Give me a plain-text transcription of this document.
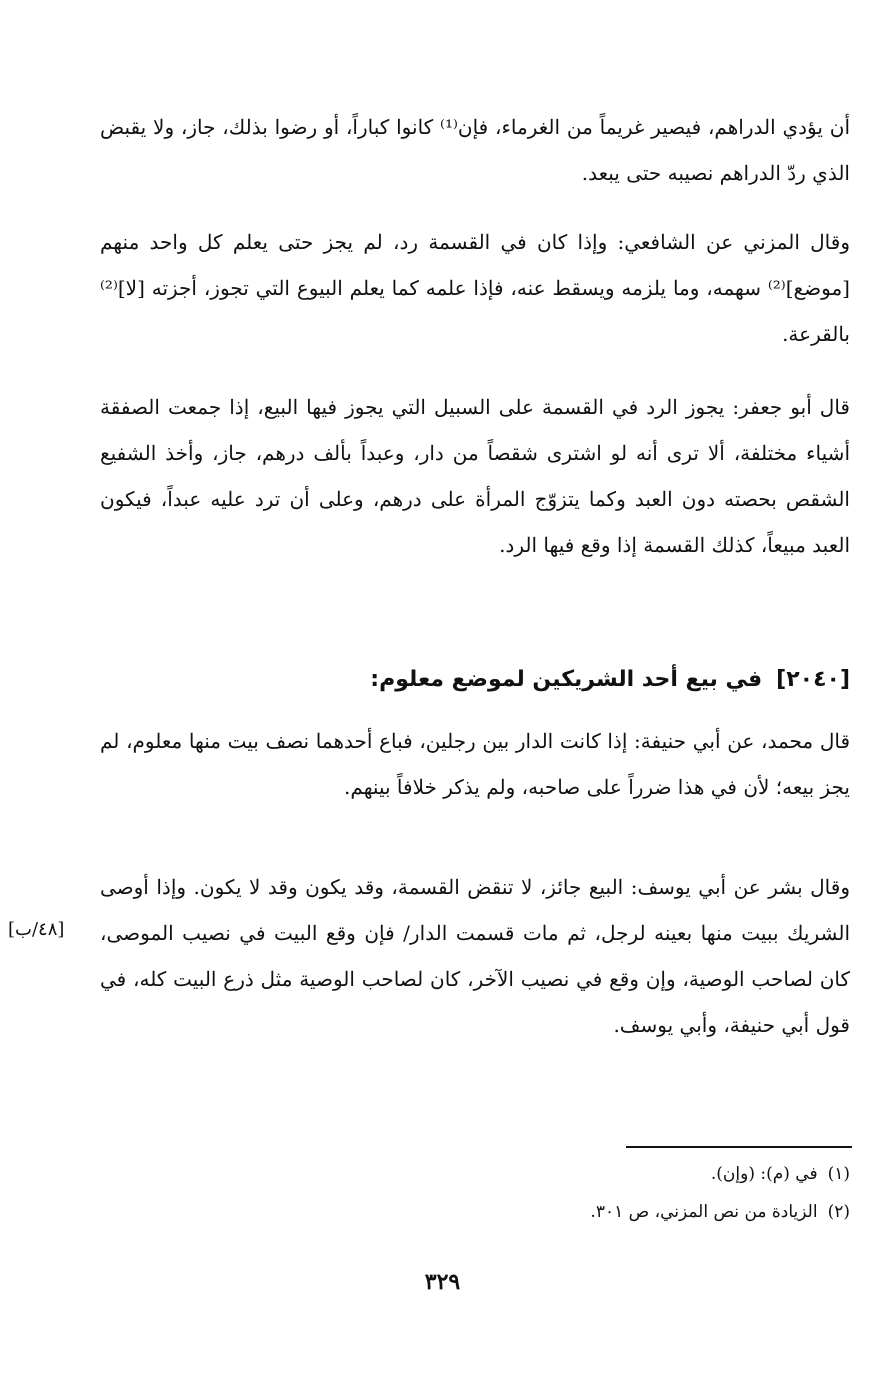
أن يؤدي الدراهم، فيصير غريماً من الغرماء، فإن⁽¹⁾ كانوا كباراً، أو رضوا بذلك، جاز، ولا يقبض الذي ردّ الدراهم نصيبه حتى يبعد.

وقال المزني عن الشافعي: وإذا كان في القسمة رد، لم يجز حتى يعلم كل واحد منهم [موضع]⁽²⁾ سهمه، وما يلزمه ويسقط عنه، فإذا علمه كما يعلم البيوع التي تجوز، أجزته [لا]⁽²⁾ بالقرعة.

قال أبو جعفر: يجوز الرد في القسمة على السبيل التي يجوز فيها البيع، إذا جمعت الصفقة أشياء مختلفة، ألا ترى أنه لو اشترى شقصاً من دار، وعبداً بألف درهم، جاز، وأخذ الشفيع الشقص بحصته دون العبد وكما يتزوّج المرأة على درهم، وعلى أن ترد عليه عبداً، فيكون العبد مبيعاً، كذلك القسمة إذا وقع فيها الرد.

[٢٠٤٠]في بيع أحد الشريكين لموضع معلوم:

قال محمد، عن أبي حنيفة: إذا كانت الدار بين رجلين، فباع أحدهما نصف بيت منها معلوم، لم يجز بيعه؛ لأن في هذا ضرراً على صاحبه، ولم يذكر خلافاً بينهم.

وقال بشر عن أبي يوسف: البيع جائز، لا تنقض القسمة، وقد يكون وقد لا يكون. وإذا أوصى الشريك ببيت منها بعينه لرجل، ثم مات قسمت الدار/ فإن وقع البيت في نصيب الموصى، كان لصاحب الوصية، وإن وقع في نصيب الآخر، كان لصاحب الوصية مثل ذرع البيت كله، في قول أبي حنيفة، وأبي يوسف.

[٤٨/ب]

(١)في (م): (وإن).

(٢)الزيادة من نص المزني، ص ٣٠١.

٣٢٩
